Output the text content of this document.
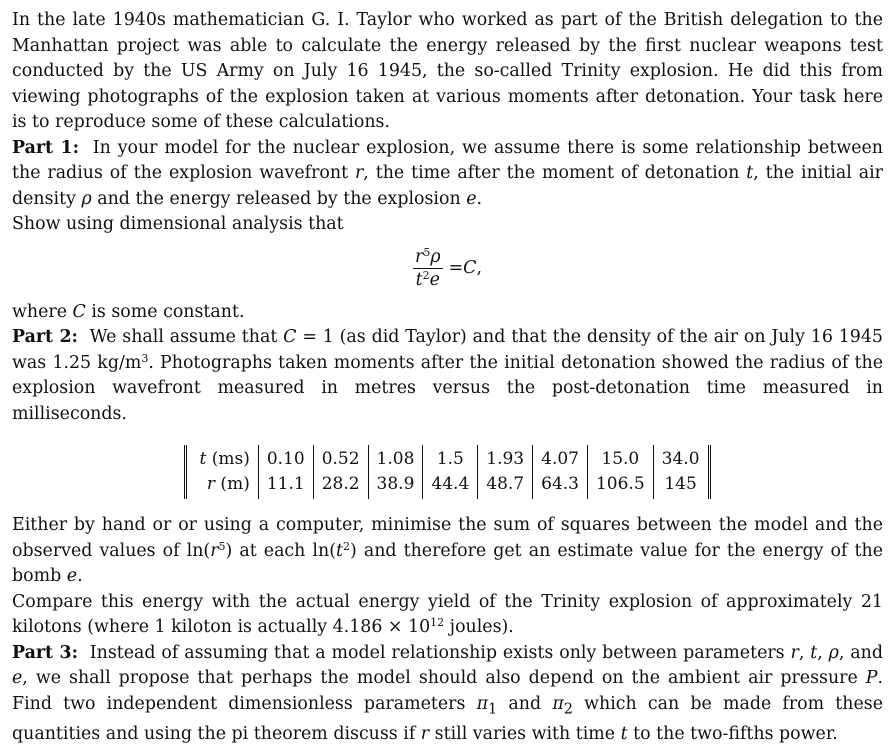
In the late 1940s mathematician G. I. Taylor who worked as part of the British delegation to the Manhattan project was able to calculate the energy released by the first nuclear weapons test conducted by the US Army on July 16 1945, the so-called Trinity explosion. He did this from viewing photographs of the explosion taken at various moments after detonation. Your task here is to reproduce some of these calculations.

Part 1: In your model for the nuclear explosion, we assume there is some relationship between the radius of the explosion wavefront r, the time after the moment of detonation t, the initial air density ρ and the energy released by the explosion e.

Show using dimensional analysis that

$\frac{r^5\rho}{t^2e} = C$ ,

where C is some constant.

Part 2: We shall assume that C = 1 (as did Taylor) and that the density of the air on July 16 1945 was 1.25 $kg/m^3$. Photographs taken moments after the initial detonation showed the radius of the explosion wavefront measured in metres versus the post-detonation time measured in milliseconds.

t (ms)	0.10	0.52	1.08	1.5	1.93	4.07	15.0	34.0
r (m)	11.1	28.2	38.9	44.4	48.7	64.3	106.5	145

Either by hand or or using a computer, minimise the sum of squares between the model and the observed values of $\ln(r^5)$ at each $\ln(t^2)$ and therefore get an estimate value for the energy of the bomb e.

Compare this energy with the actual energy yield of the Trinity explosion of approximately 21 kilotons (where 1 kiloton is actually $4.186 \times 10^{12}$ joules).

Part 3: Instead of assuming that a model relationship exists only between parameters r, t, ρ, and e, we shall propose that perhaps the model should also depend on the ambient air pressure P. Find two independent dimensionless parameters $\pi_1$ and $\pi_2$ which can be made from these quantities and using the pi theorem discuss if r still varies with time t to the two-fifths power.
